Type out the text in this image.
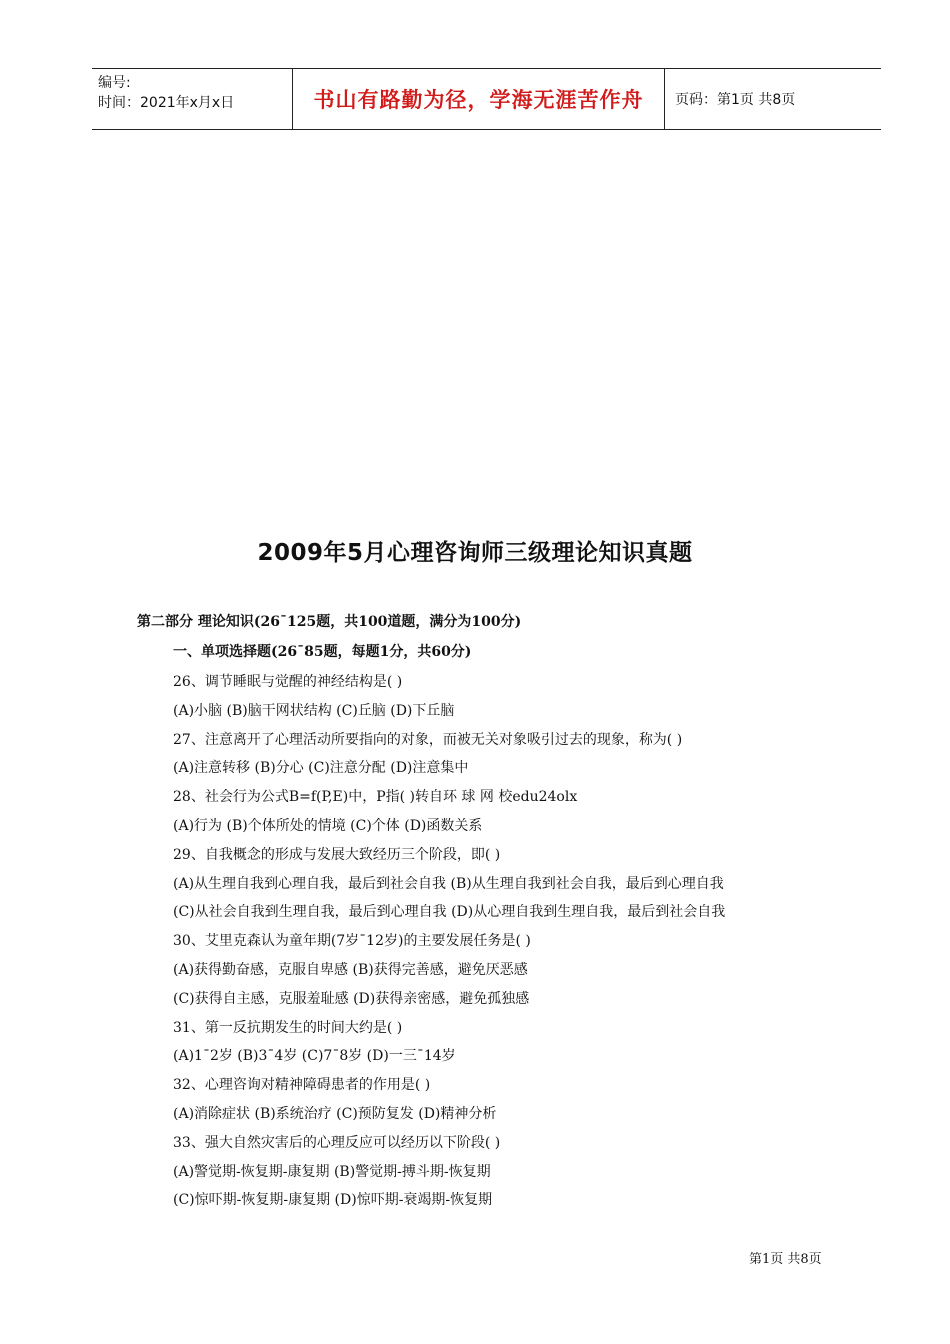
编号:
时间：2021年x月x日	书山有路勤为径，学海无涯苦作舟	页码：第1页 共8页
2009年5月心理咨询师三级理论知识真题
第二部分 理论知识(26¯125题，共100道题，满分为100分)
一、单项选择题(26¯85题，每题1分，共60分)
26、调节睡眠与觉醒的神经结构是( )
(A)小脑 (B)脑干网状结构 (C)丘脑 (D)下丘脑
27、注意离开了心理活动所要指向的对象，而被无关对象吸引过去的现象，称为( )
(A)注意转移 (B)分心 (C)注意分配 (D)注意集中
28、社会行为公式B=f(P,E)中，P指( )转自环 球 网 校edu24olx
(A)行为 (B)个体所处的情境 (C)个体 (D)函数关系
29、自我概念的形成与发展大致经历三个阶段，即( )
(A)从生理自我到心理自我，最后到社会自我 (B)从生理自我到社会自我，最后到心理自我
(C)从社会自我到生理自我，最后到心理自我 (D)从心理自我到生理自我，最后到社会自我
30、艾里克森认为童年期(7岁¯12岁)的主要发展任务是( )
(A)获得勤奋感，克服自卑感 (B)获得完善感，避免厌恶感
(C)获得自主感，克服羞耻感 (D)获得亲密感，避免孤独感
31、第一反抗期发生的时间大约是( )
(A)1¯2岁 (B)3¯4岁 (C)7¯8岁 (D)一三¯14岁
32、心理咨询对精神障碍患者的作用是( )
(A)消除症状 (B)系统治疗 (C)预防复发 (D)精神分析
33、强大自然灾害后的心理反应可以经历以下阶段( )
(A)警觉期-恢复期-康复期 (B)警觉期-搏斗期-恢复期
(C)惊吓期-恢复期-康复期 (D)惊吓期-衰竭期-恢复期
第1页 共8页
